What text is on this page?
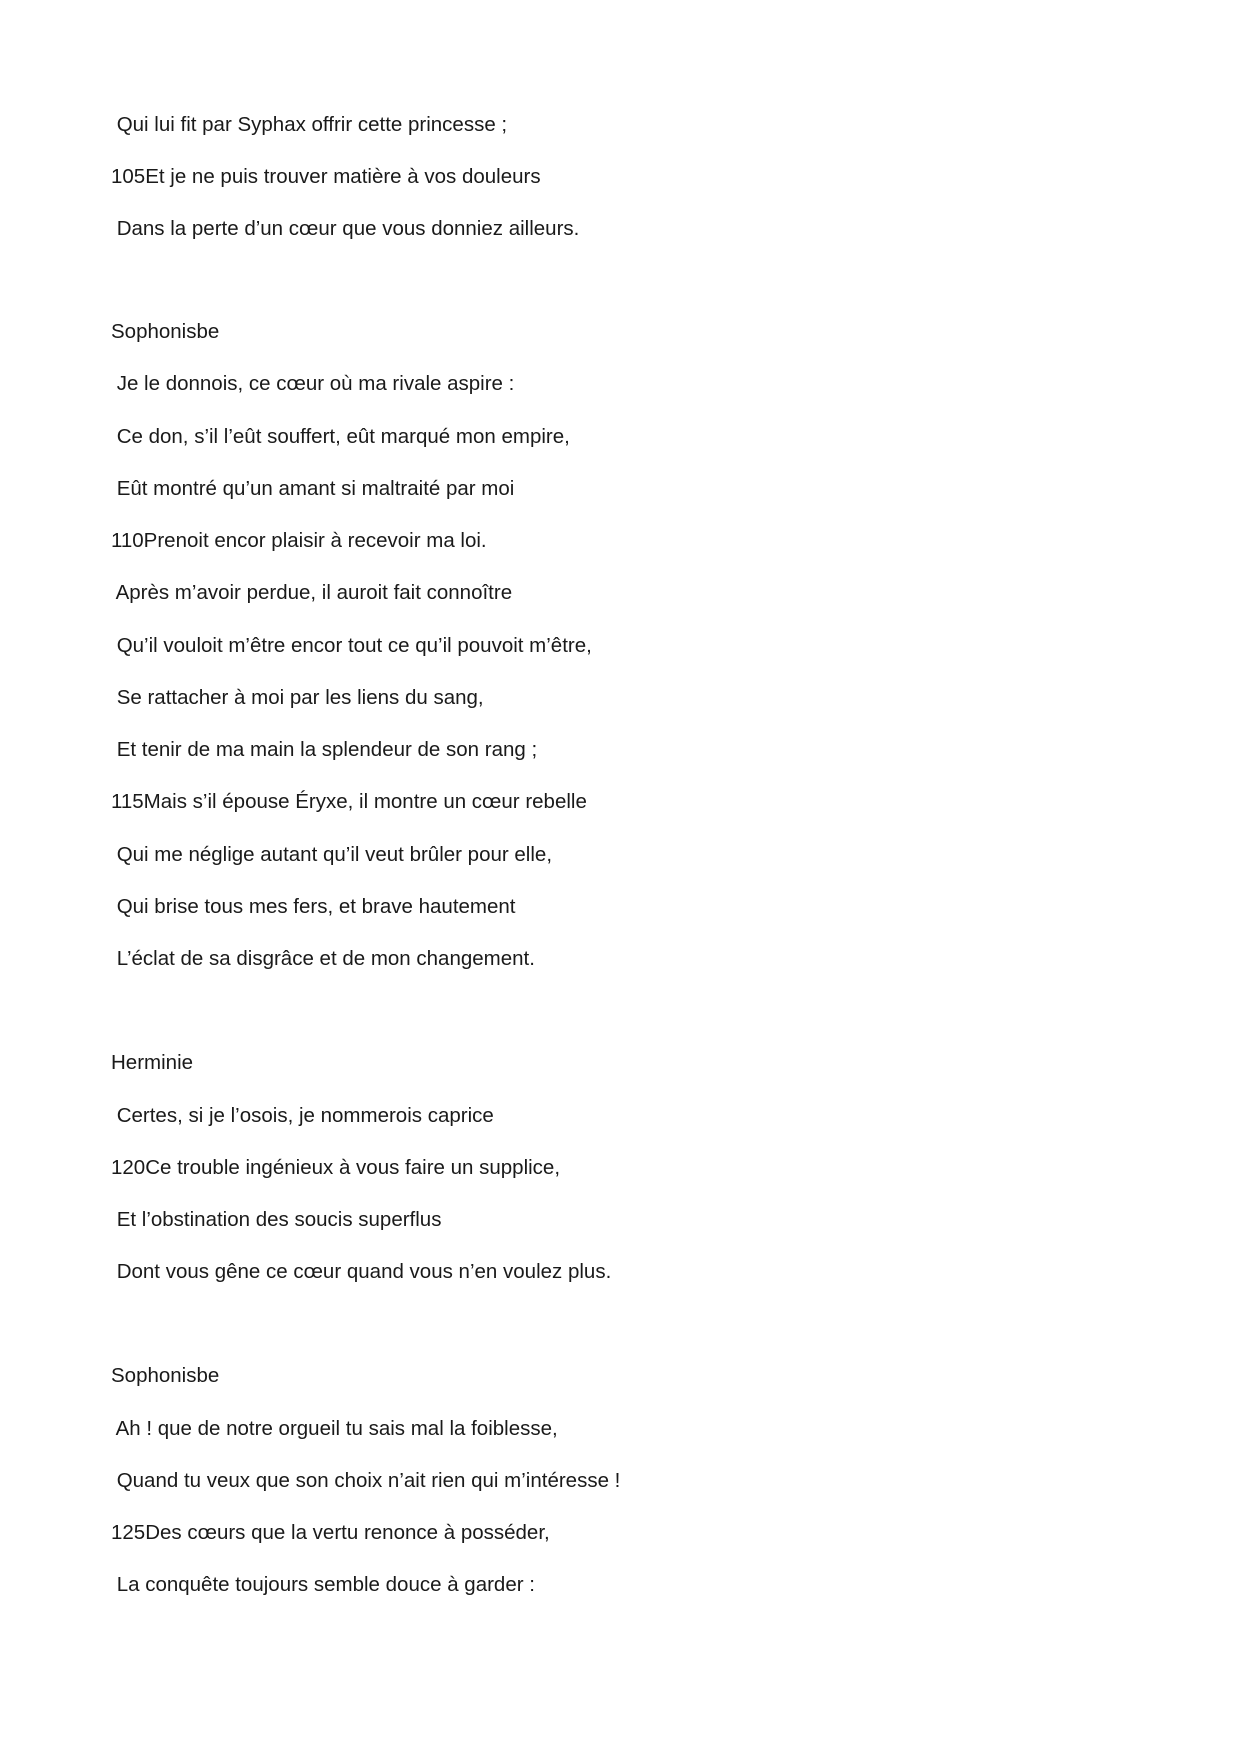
Qui lui fit par Syphax offrir cette princesse ;
105Et je ne puis trouver matière à vos douleurs
Dans la perte d’un cœur que vous donniez ailleurs.
Sophonisbe
Je le donnois, ce cœur où ma rivale aspire :
Ce don, s’il l’eût souffert, eût marqué mon empire,
Eût montré qu’un amant si maltraité par moi
110Prenoit encor plaisir à recevoir ma loi.
Après m’avoir perdue, il auroit fait connoître
Qu’il vouloit m’être encor tout ce qu’il pouvoit m’être,
Se rattacher à moi par les liens du sang,
Et tenir de ma main la splendeur de son rang ;
115Mais s’il épouse Éryxe, il montre un cœur rebelle
Qui me néglige autant qu’il veut brûler pour elle,
Qui brise tous mes fers, et brave hautement
L’éclat de sa disgrâce et de mon changement.
Herminie
Certes, si je l’osois, je nommerois caprice
120Ce trouble ingénieux à vous faire un supplice,
Et l’obstination des soucis superflus
Dont vous gêne ce cœur quand vous n’en voulez plus.
Sophonisbe
Ah ! que de notre orgueil tu sais mal la foiblesse,
Quand tu veux que son choix n’ait rien qui m’intéresse !
125Des cœurs que la vertu renonce à posséder,
La conquête toujours semble douce à garder :
